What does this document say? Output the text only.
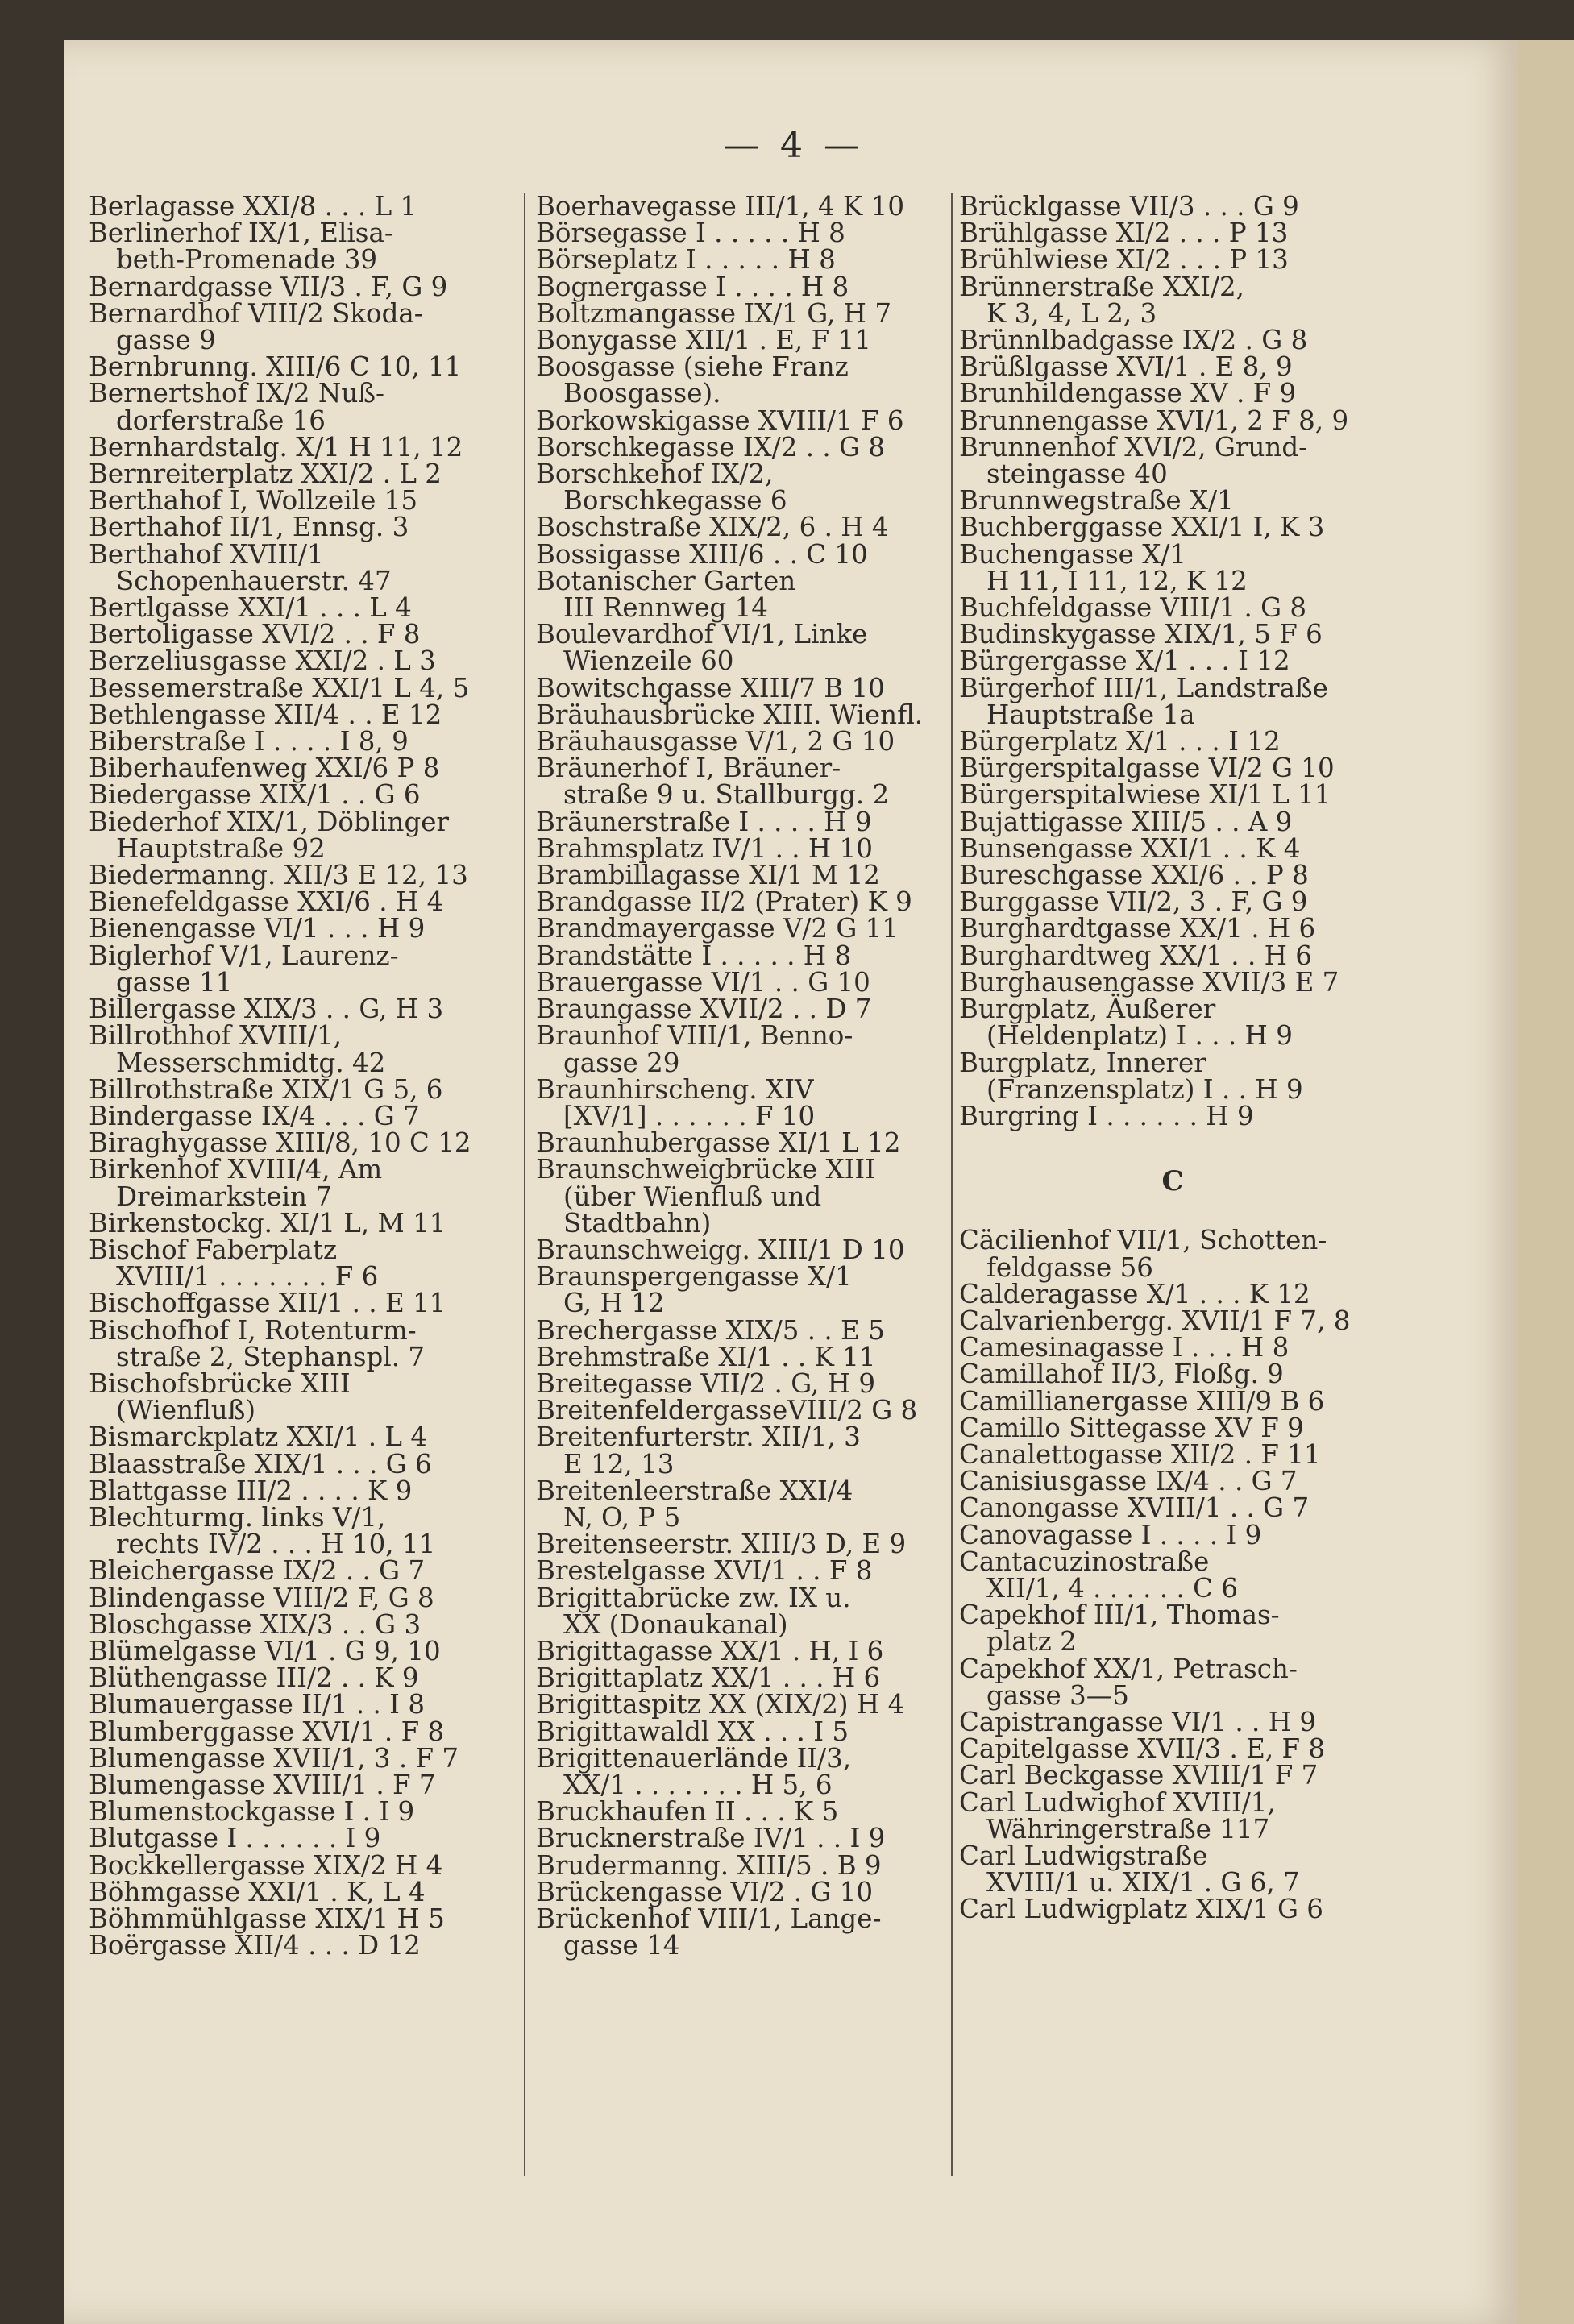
— 4 —
Berlagasse XXI/8 . . . L 1
Berlinerhof IX/1, Elisa-
beth-Promenade 39
Bernardgasse VII/3 . F, G 9
Bernardhof VIII/2 Skoda-
gasse 9
Bernbrunng. XIII/6 C 10, 11
Bernertshof IX/2 Nuß-
dorferstraße 16
Bernhardstalg. X/1 H 11, 12
Bernreiterplatz XXI/2 . L 2
Berthahof I, Wollzeile 15
Berthahof II/1, Ennsg. 3
Berthahof XVIII/1
Schopenhauerstr. 47
Bertlgasse XXI/1 . . . L 4
Bertoligasse XVI/2 . . F 8
Berzeliusgasse XXI/2 . L 3
Bessemerstraße XXI/1 L 4, 5
Bethlengasse XII/4 . . E 12
Biberstraße I . . . . I 8, 9
Biberhaufenweg XXI/6 P 8
Biedergasse XIX/1 . . G 6
Biederhof XIX/1, Döblinger
Hauptstraße 92
Biedermanng. XII/3 E 12, 13
Bienefeldgasse XXI/6 . H 4
Bienengasse VI/1 . . . H 9
Biglerhof V/1, Laurenz-
gasse 11
Billergasse XIX/3 . . G, H 3
Billrothhof XVIII/1,
Messerschmidtg. 42
Billrothstraße XIX/1 G 5, 6
Bindergasse IX/4 . . . G 7
Biraghygasse XIII/8, 10 C 12
Birkenhof XVIII/4, Am
Dreimarkstein 7
Birkenstockg. XI/1 L, M 11
Bischof Faberplatz
XVIII/1 . . . . . . . F 6
Bischoffgasse XII/1 . . E 11
Bischofhof I, Rotenturm-
straße 2, Stephanspl. 7
Bischofsbrücke XIII
(Wienfluß)
Bismarckplatz XXI/1 . L 4
Blaasstraße XIX/1 . . . G 6
Blattgasse III/2 . . . . K 9
Blechturmg. links V/1,
rechts IV/2 . . . H 10, 11
Bleichergasse IX/2 . . G 7
Blindengasse VIII/2 F, G 8
Bloschgasse XIX/3 . . G 3
Blümelgasse VI/1 . G 9, 10
Blüthengasse III/2 . . K 9
Blumauergasse II/1 . . I 8
Blumberggasse XVI/1 . F 8
Blumengasse XVII/1, 3 . F 7
Blumengasse XVIII/1 . F 7
Blumenstockgasse I . I 9
Blutgasse I . . . . . . I 9
Bockkellergasse XIX/2 H 4
Böhmgasse XXI/1 . K, L 4
Böhmmühlgasse XIX/1 H 5
Boërgasse XII/4 . . . D 12
Boerhavegasse III/1, 4 K 10
Börsegasse I . . . . . H 8
Börseplatz I . . . . . H 8
Bognergasse I . . . . H 8
Boltzmangasse IX/1 G, H 7
Bonygasse XII/1 . E, F 11
Boosgasse (siehe Franz
Boosgasse).
Borkowskigasse XVIII/1 F 6
Borschkegasse IX/2 . . G 8
Borschkehof IX/2,
Borschkegasse 6
Boschstraße XIX/2, 6 . H 4
Bossigasse XIII/6 . . C 10
Botanischer Garten
III Rennweg 14
Boulevardhof VI/1, Linke
Wienzeile 60
Bowitschgasse XIII/7 B 10
Bräuhausbrücke XIII. Wienfl.
Bräuhausgasse V/1, 2 G 10
Bräunerhof I, Bräuner-
straße 9 u. Stallburgg. 2
Bräunerstraße I . . . . H 9
Brahmsplatz IV/1 . . H 10
Brambillagasse XI/1 M 12
Brandgasse II/2 (Prater) K 9
Brandmayergasse V/2 G 11
Brandstätte I . . . . . H 8
Brauergasse VI/1 . . G 10
Braungasse XVII/2 . . D 7
Braunhof VIII/1, Benno-
gasse 29
Braunhirscheng. XIV
[XV/1] . . . . . . F 10
Braunhubergasse XI/1 L 12
Braunschweigbrücke XIII
(über Wienfluß und
Stadtbahn)
Braunschweigg. XIII/1 D 10
Braunspergengasse X/1
G, H 12
Brechergasse XIX/5 . . E 5
Brehmstraße XI/1 . . K 11
Breitegasse VII/2 . G, H 9
BreitenfeldergasseVIII/2 G 8
Breitenfurterstr. XII/1, 3
E 12, 13
Breitenleerstraße XXI/4
N, O, P 5
Breitenseerstr. XIII/3 D, E 9
Brestelgasse XVI/1 . . F 8
Brigittabrücke zw. IX u.
XX (Donaukanal)
Brigittagasse XX/1 . H, I 6
Brigittaplatz XX/1 . . . H 6
Brigittaspitz XX (XIX/2) H 4
Brigittawaldl XX . . . I 5
Brigittenauerlände II/3,
XX/1 . . . . . . . H 5, 6
Bruckhaufen II . . . K 5
Brucknerstraße IV/1 . . I 9
Brudermanng. XIII/5 . B 9
Brückengasse VI/2 . G 10
Brückenhof VIII/1, Lange-
gasse 14
Brücklgasse VII/3 . . . G 9
Brühlgasse XI/2 . . . P 13
Brühlwiese XI/2 . . . P 13
Brünnerstraße XXI/2,
K 3, 4, L 2, 3
Brünnlbadgasse IX/2 . G 8
Brüßlgasse XVI/1 . E 8, 9
Brunhildengasse XV . F 9
Brunnengasse XVI/1, 2 F 8, 9
Brunnenhof XVI/2, Grund-
steingasse 40
Brunnwegstraße X/1
Buchberggasse XXI/1 I, K 3
Buchengasse X/1
H 11, I 11, 12, K 12
Buchfeldgasse VIII/1 . G 8
Budinskygasse XIX/1, 5 F 6
Bürgergasse X/1 . . . I 12
Bürgerhof III/1, Landstraße
Hauptstraße 1a
Bürgerplatz X/1 . . . I 12
Bürgerspitalgasse VI/2 G 10
Bürgerspitalwiese XI/1 L 11
Bujattigasse XIII/5 . . A 9
Bunsengasse XXI/1 . . K 4
Bureschgasse XXI/6 . . P 8
Burggasse VII/2, 3 . F, G 9
Burghardtgasse XX/1 . H 6
Burghardtweg XX/1 . . H 6
Burghausengasse XVII/3 E 7
Burgplatz, Äußerer
(Heldenplatz) I . . . H 9
Burgplatz, Innerer
(Franzensplatz) I . . H 9
Burgring I . . . . . . H 9
C
Cäcilienhof VII/1, Schotten-
feldgasse 56
Calderagasse X/1 . . . K 12
Calvarienbergg. XVII/1 F 7, 8
Camesinagasse I . . . H 8
Camillahof II/3, Floßg. 9
Camillianergasse XIII/9 B 6
Camillo Sittegasse XV F 9
Canalettogasse XII/2 . F 11
Canisiusgasse IX/4 . . G 7
Canongasse XVIII/1 . . G 7
Canovagasse I . . . . I 9
Cantacuzinostraße
XII/1, 4 . . . . . . C 6
Capekhof III/1, Thomas-
platz 2
Capekhof XX/1, Petrasch-
gasse 3—5
Capistrangasse VI/1 . . H 9
Capitelgasse XVII/3 . E, F 8
Carl Beckgasse XVIII/1 F 7
Carl Ludwighof XVIII/1,
Währingerstraße 117
Carl Ludwigstraße
XVIII/1 u. XIX/1 . G 6, 7
Carl Ludwigplatz XIX/1 G 6
